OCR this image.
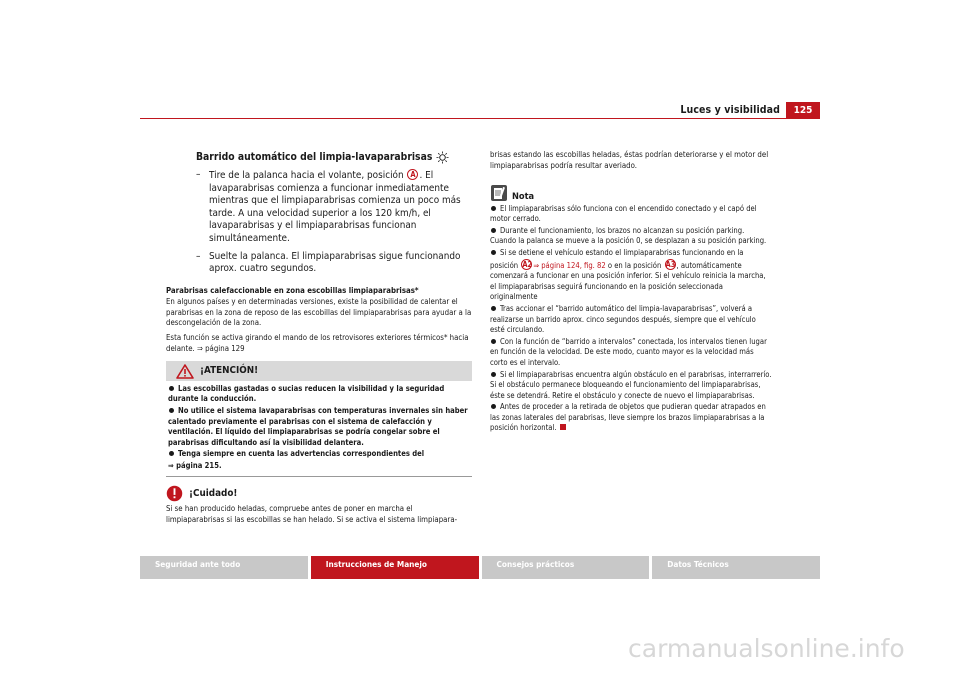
Luces y visibilidad	125
Barrido automático del limpia-lavaparabrisas
– Tire de la palanca hacia el volante, posición A . El lavaparabrisas comienza a funcionar inmediatamente mientras que el limpiaparabrisas comienza un poco más tarde. A una velocidad superior a los 120 km/h, el lavaparabrisas y el limpiaparabrisas funcionan simultáneamente.
– Suelte la palanca. El limpiaparabrisas sigue funcionando aprox. cuatro segundos.
Parabrisas calefaccionable en zona escobillas limpiaparabrisas*

En algunos países y en determinadas versiones, existe la posibilidad de calentar el parabrisas en la zona de reposo de las escobillas del limpiaparabrisas para ayudar a la descongelación de la zona.

Esta función se activa girando el mando de los retrovisores exteriores térmicos* hacia delante. ⇒ página 129

¡ATENCIÓN!
Las escobillas gastadas o sucias reducen la visibilidad y la seguridad durante la conducción.
No utilice el sistema lavaparabrisas con temperaturas invernales sin haber calentado previamente el parabrisas con el sistema de calefacción y ventilación. El líquido del limpiaparabrisas se podría congelar sobre el parabrisas dificultando así la visibilidad delantera.
Tenga siempre en cuenta las advertencias correspondientes del
⇒ página 215.
¡Cuidado!

Si se han producido heladas, compruebe antes de poner en marcha el limpiaparabrisas si las escobillas se han helado. Si se activa el sistema limpiapara-

brisas estando las escobillas heladas, éstas podrían deteriorarse y el motor del limpiaparabrisas podría resultar averiado.

Nota
El limpiaparabrisas sólo funciona con el encendido conectado y el capó del motor cerrado.
Durante el funcionamiento, los brazos no alcanzan su posición parking. Cuando la palanca se mueve a la posición 0, se desplazan a su posición parking.
Si se detiene el vehículo estando el limpiaparabrisas funcionando en la posición A2⇒ página 124, fig. 82 o en la posición A3, automáticamente comenzará a funcionar en una posición inferior. Si el vehículo reinicia la marcha, el limpiaparabrisas seguirá funcionando en la posición seleccionada originalmente
Tras accionar el “barrido automático del limpia-lavaparabrisas”, volverá a realizarse un barrido aprox. cinco segundos después, siempre que el vehículo esté circulando.
Con la función de “barrido a intervalos” conectada, los intervalos tienen lugar en función de la velocidad. De este modo, cuanto mayor es la velocidad más corto es el intervalo.
Si el limpiaparabrisas encuentra algún obstáculo en el parabrisas, interrarrerío. Si el obstáculo permanece bloqueando el funcionamiento del limpiaparabrisas, éste se detendrá. Retire el obstáculo y conecte de nuevo el limpiaparabrisas.
Antes de proceder a la retirada de objetos que pudieran quedar atrapados en las zonas laterales del parabrisas, lleve siempre los brazos limpiaparabrisas a la posición horizontal.
Seguridad ante todo	Instrucciones de Manejo	Consejos prácticos	Datos Técnicos
carmanualsonline.info
